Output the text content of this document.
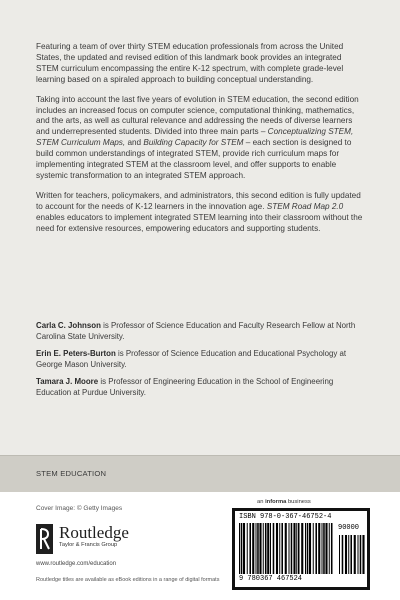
Featuring a team of over thirty STEM education professionals from across the United States, the updated and revised edition of this landmark book provides an integrated STEM curriculum encompassing the entire K-12 spectrum, with complete grade-level learning based on a spiraled approach to building conceptual understanding.

Taking into account the last five years of evolution in STEM education, the second edition includes an increased focus on computer science, computational thinking, mathematics, and the arts, as well as cultural relevance and addressing the needs of diverse learners and underrepresented students. Divided into three main parts – Conceptualizing STEM, STEM Curriculum Maps, and Building Capacity for STEM – each section is designed to build common understandings of integrated STEM, provide rich curriculum maps for implementing integrated STEM at the classroom level, and offer supports to enable systemic transformation to an integrated STEM approach.

Written for teachers, policymakers, and administrators, this second edition is fully updated to account for the needs of K-12 learners in the innovation age. STEM Road Map 2.0 enables educators to implement integrated STEM learning into their classroom without the need for extensive resources, empowering educators and supporting students.

Carla C. Johnson is Professor of Science Education and Faculty Research Fellow at North Carolina State University.

Erin E. Peters-Burton is Professor of Science Education and Educational Psychology at George Mason University.

Tamara J. Moore is Professor of Engineering Education in the School of Engineering Education at Purdue University.

STEM EDUCATION
Cover Image: © Getty Images
Routledge
Taylor & Francis Group
www.routledge.com/education
Routledge titles are available as eBook editions in a range of digital formats
an informa business
ISBN 978-0-367-46752-4
90000
9 780367 467524
